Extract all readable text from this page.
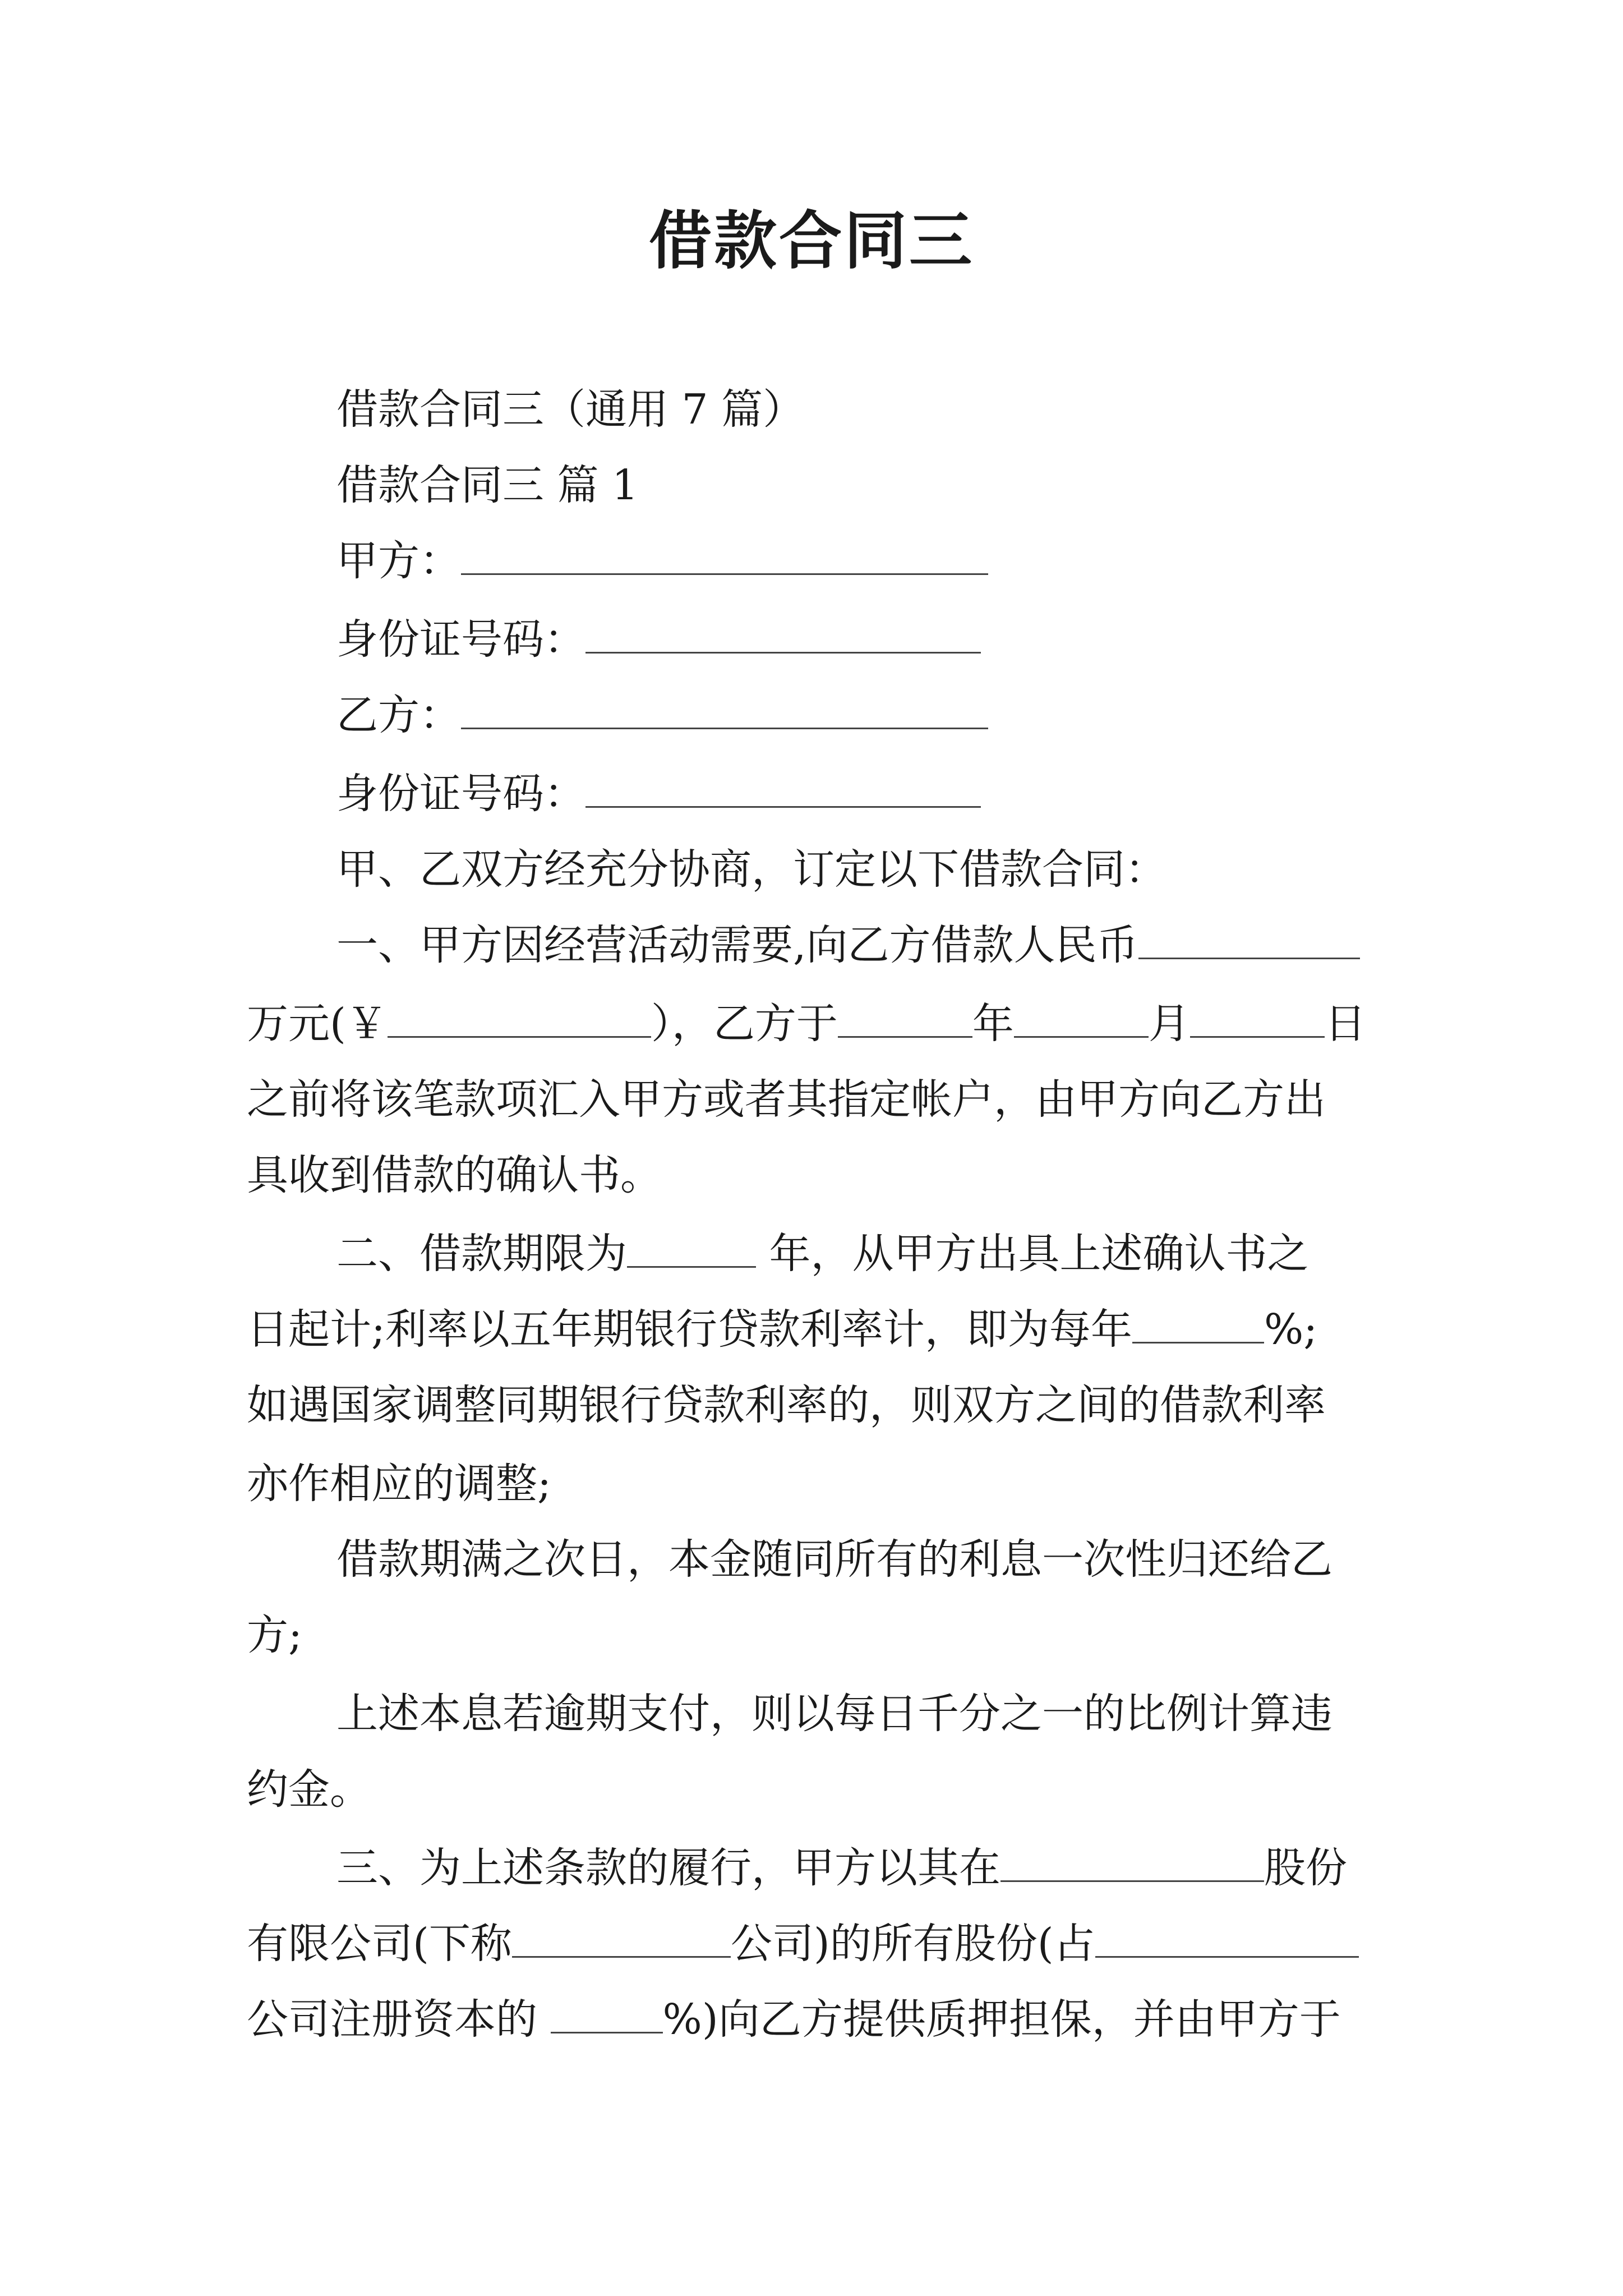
借款合同三
借款合同三（通用 7 篇）
借款合同三 篇 1
甲方：
身份证号码：
乙方：
身份证号码：
甲、乙双方经充分协商，订定以下借款合同：
一、甲方因经营活动需要,向乙方借款人民币
万元(￥	），乙方于	年	月	日
之前将该笔款项汇入甲方或者其指定帐户，由甲方向乙方出
具收到借款的确认书。
二、借款期限为	年，从甲方出具上述确认书之
日起计;利率以五年期银行贷款利率计，即为每年	%;
如遇国家调整同期银行贷款利率的，则双方之间的借款利率
亦作相应的调整;
借款期满之次日，本金随同所有的利息一次性归还给乙
方;
上述本息若逾期支付，则以每日千分之一的比例计算违
约金。
三、为上述条款的履行，甲方以其在	股份
有限公司(下称	公司)的所有股份(占
公司注册资本的	%)向乙方提供质押担保，并由甲方于
